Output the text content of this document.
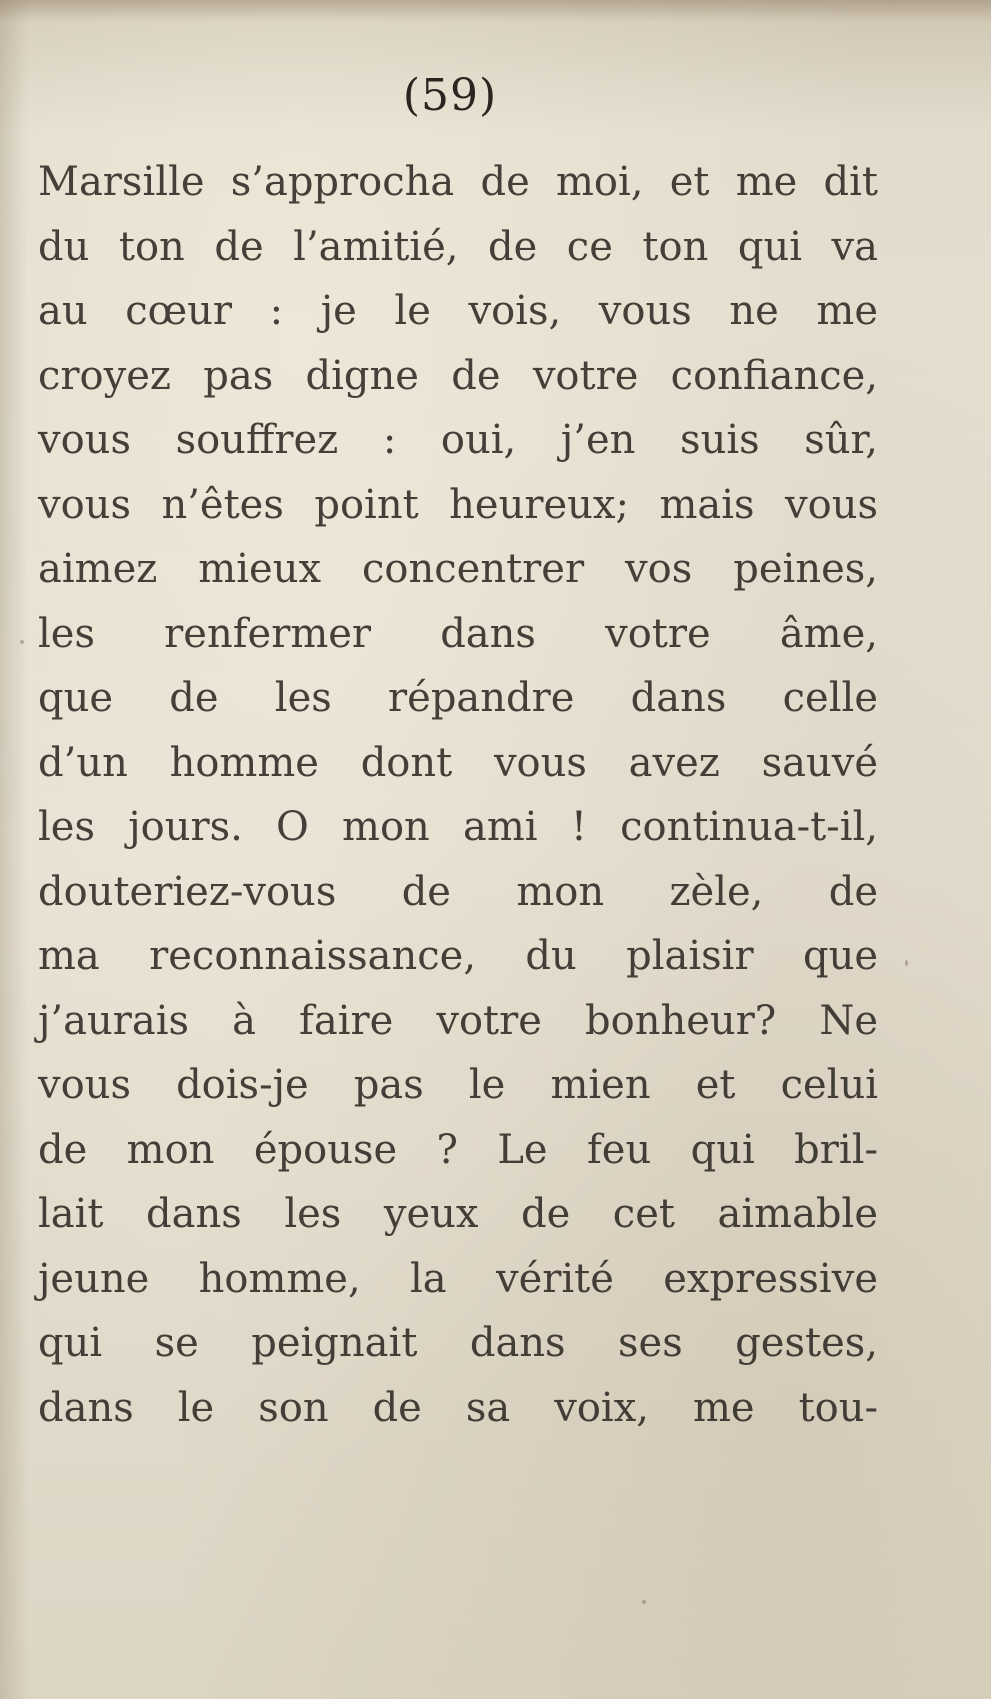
(59)
Marsille s’approcha de moi, et me dit
du ton de l’amitié, de ce ton qui va
au cœur : je le vois, vous ne me
croyez pas digne de votre confiance,
vous souffrez : oui, j’en suis sûr,
vous n’êtes point heureux; mais vous
aimez mieux concentrer vos peines,
les renfermer dans votre âme,
que de les répandre dans celle
d’un homme dont vous avez sauvé
les jours. O mon ami ! continua-t-il,
douteriez-vous de mon zèle, de
ma reconnaissance, du plaisir que
j’aurais à faire votre bonheur? Ne
vous dois-je pas le mien et celui
de mon épouse ? Le feu qui bril-
lait dans les yeux de cet aimable
jeune homme, la vérité expressive
qui se peignait dans ses gestes,
dans le son de sa voix, me tou-
